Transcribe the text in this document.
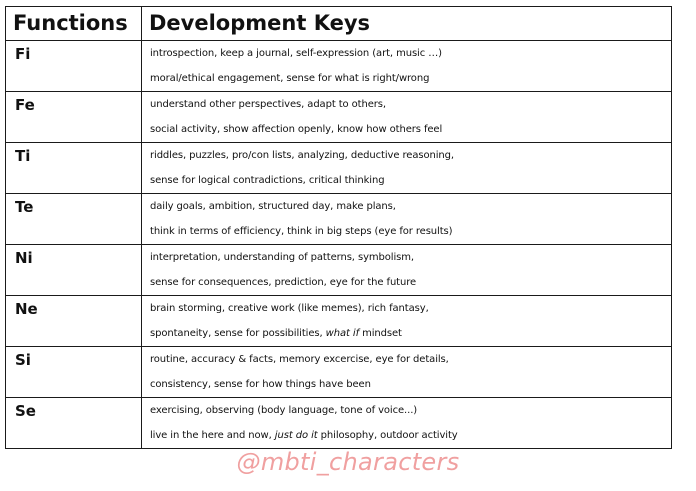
Functions	Development Keys
Fi	introspection, keep a journal, self-expression (art, music …)
moral/ethical engagement, sense for what is right/wrong

Fe	understand other perspectives, adapt to others,
social activity, show affection openly, know how others feel

Ti	riddles, puzzles, pro/con lists, analyzing, deductive reasoning,
sense for logical contradictions, critical thinking

Te	daily goals, ambition, structured day, make plans,
think in terms of efficiency, think in big steps (eye for results)

Ni	interpretation, understanding of patterns, symbolism,
sense for consequences, prediction, eye for the future

Ne	brain storming, creative work (like memes), rich fantasy,
spontaneity, sense for possibilities, what if mindset

Si	routine, accuracy & facts, memory excercise, eye for details,
consistency, sense for how things have been

Se	exercising, observing (body language, tone of voice...)
live in the here and now, just do it philosophy, outdoor activity
@mbti_characters
